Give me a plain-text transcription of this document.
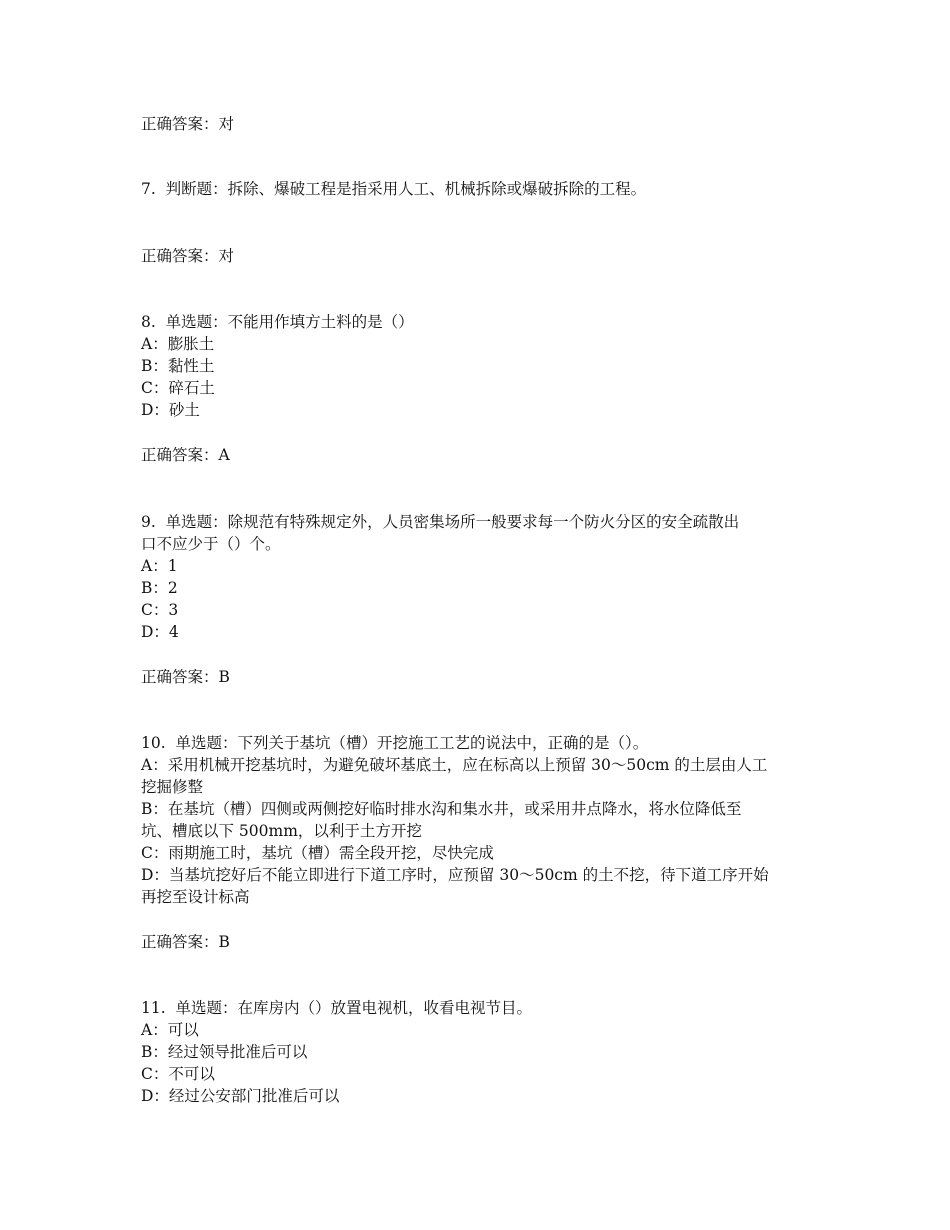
正确答案：对
7.  判断题：拆除、爆破工程是指采用人工、机械拆除或爆破拆除的工程。
正确答案：对
8.  单选题：不能用作填方土料的是（）
A：膨胀土
B：黏性土
C：碎石土
D：砂土
正确答案：A
9.  单选题：除规范有特殊规定外，人员密集场所一般要求每一个防火分区的安全疏散出
口不应少于（）个。
A：1
B：2
C：3
D：4
正确答案：B
10.  单选题：下列关于基坑（槽）开挖施工工艺的说法中，正确的是（）。
A：采用机械开挖基坑时，为避免破坏基底土，应在标高以上预留 30～50cm 的土层由人工
挖掘修整
B：在基坑（槽）四侧或两侧挖好临时排水沟和集水井，或采用井点降水，将水位降低至
坑、槽底以下 500mm，以利于土方开挖
C：雨期施工时，基坑（槽）需全段开挖，尽快完成
D：当基坑挖好后不能立即进行下道工序时，应预留 30～50cm 的土不挖，待下道工序开始
再挖至设计标高
正确答案：B
11.  单选题：在库房内（）放置电视机，收看电视节目。
A：可以
B：经过领导批准后可以
C：不可以
D：经过公安部门批准后可以
